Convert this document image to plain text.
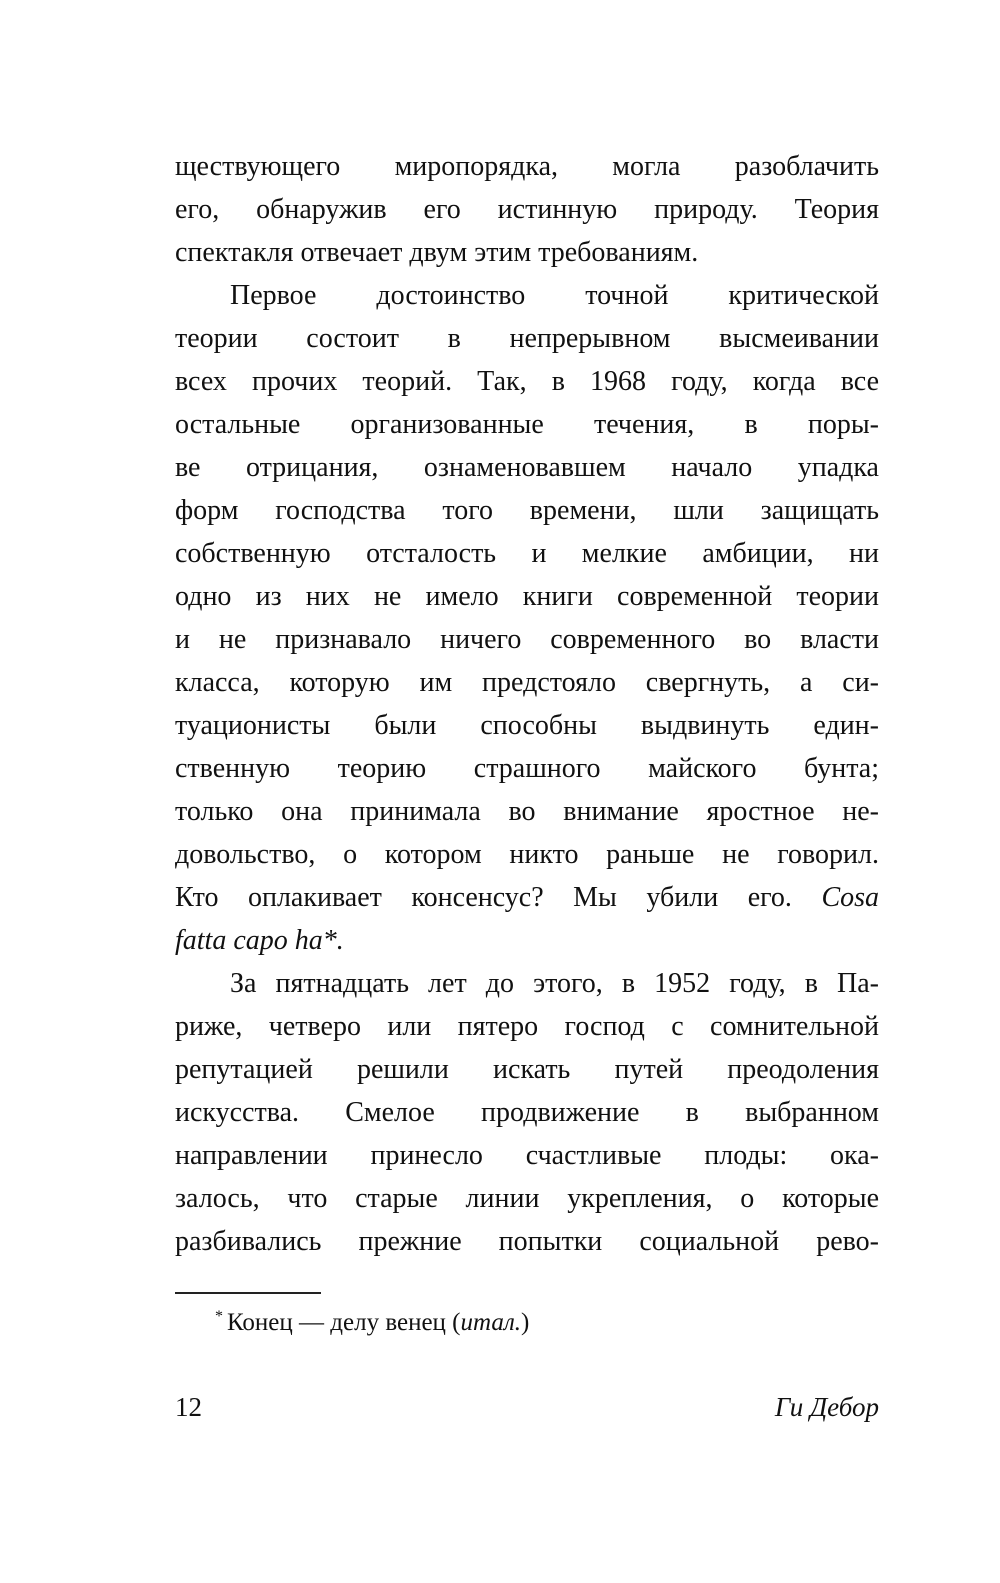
ществующего миропорядка, могла разоблачить
его, обнаружив его истинную природу. Теория
спектакля отвечает двум этим требованиям.
Первое достоинство точной критической
теории состоит в непрерывном высмеивании
всех прочих теорий. Так, в 1968 году, когда все
остальные организованные течения, в поры-
ве отрицания, ознаменовавшем начало упадка
форм господства того времени, шли защищать
собственную отсталость и мелкие амбиции, ни
одно из них не имело книги современной теории
и не признавало ничего современного во власти
класса, которую им предстояло свергнуть, а си-
туационисты были способны выдвинуть един-
ственную теорию страшного майского бунта;
только она принимала во внимание яростное не-
довольство, о котором никто раньше не говорил.
Кто оплакивает консенсус? Мы убили его. Cosa
fatta capo ha*.
За пятнадцать лет до этого, в 1952 году, в Па-
риже, четверо или пятеро господ с сомнительной
репутацией решили искать путей преодоления
искусства. Смелое продвижение в выбранном
направлении принесло счастливые плоды: ока-
залось, что старые линии укрепления, о которые
разбивались прежние попытки социальной рево-
* Конец — делу венец (итал.)
12	Ги Дебор
